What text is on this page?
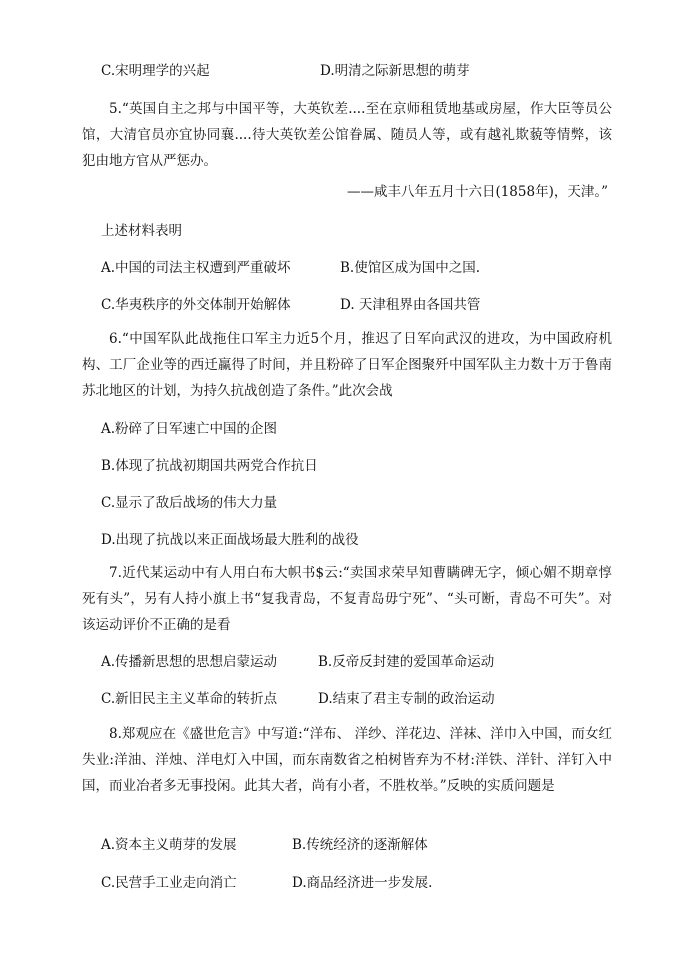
C.宋明理学的兴起	D.明清之际新思想的萌芽
5.“英国自主之邦与中国平等，大英钦差....至在京师租赁地基或房屋，作大臣等员公馆，大清官员亦宜协同襄....待大英钦差公馆眷属、随员人等，或有越礼欺藐等情弊，该犯由地方官从严惩办。
——咸丰八年五月十六日(1858年)，天津。”
上述材料表明
A.中国的司法主权遭到严重破坏	B.使馆区成为国中之国.
C.华夷秩序的外交体制开始解体	D. 天津租界由各国共管
6.“中国军队此战拖住口军主力近5个月，推迟了日军向武汉的进攻，为中国政府机构、工厂企业等的西迁赢得了时间，并且粉碎了日军企图聚歼中国军队主力数十万于鲁南苏北地区的计划，为持久抗战创造了条件。”此次会战
A.粉碎了日军速亡中国的企图
B.体现了抗战初期国共两党合作抗日
C.显示了敌后战场的伟大力量
D.出现了抗战以来正面战场最大胜利的战役
7.近代某运动中有人用白布大帜书$云:“卖国求荣早知曹瞒碑无字，倾心媚不期章惇死有头”，另有人持小旗上书“复我青岛，不复青岛毋宁死”、“头可断，青岛不可失”。对 该运动评价不正确的是看
A.传播新思想的思想启蒙运动	B.反帝反封建的爱国革命运动
C.新旧民主主义革命的转折点	D.结束了君主专制的政治运动
8.郑观应在《盛世危言》中写道:“洋布、 洋纱、洋花边、洋袜、洋巾入中国，而女红失业:洋油、洋烛、洋电灯入中国，而东南数省之柏树皆弃为不材:洋铁、洋针、洋钉入中国，而业冶者多无事投闲。此其大者，尚有小者，不胜枚举。”反映的实质问题是
A.资本主义萌芽的发展	B.传统经济的逐渐解体
C.民营手工业走向消亡	D.商品经济进一步发展.
